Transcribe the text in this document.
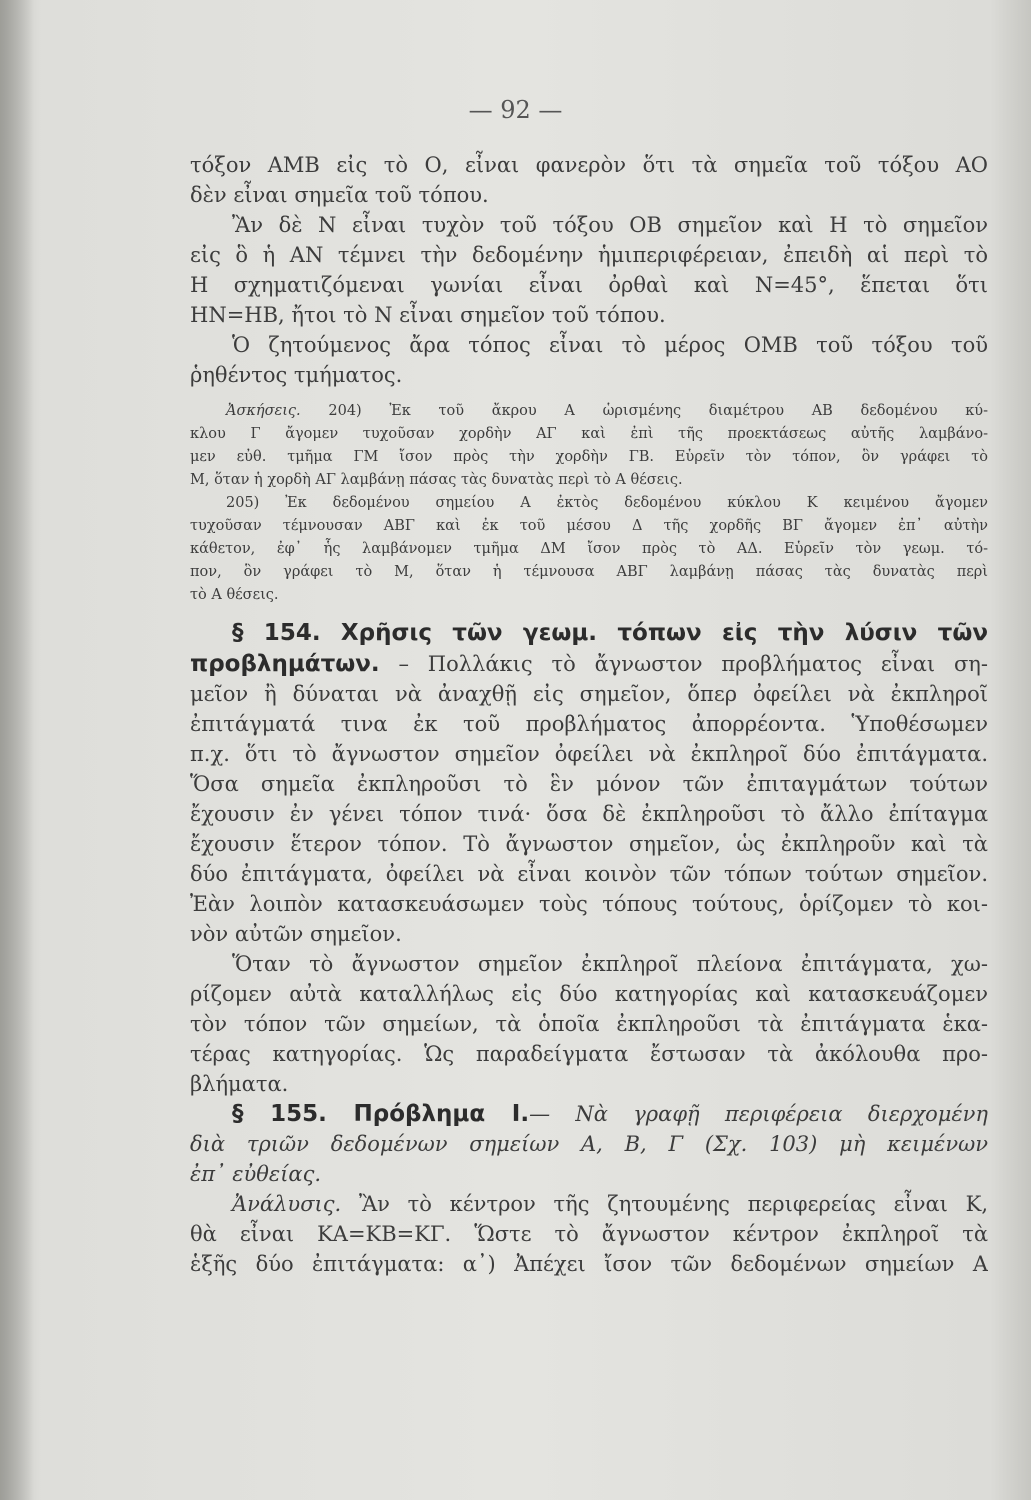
— 92 —
τόξον ΑΜΒ εἰς τὸ Ο, εἶναι φανερὸν ὅτι τὰ σημεῖα τοῦ τόξου ΑΟ
δὲν εἶναι σημεῖα τοῦ τόπου.
Ἂν δὲ Ν εἶναι τυχὸν τοῦ τόξου ΟΒ σημεῖον καὶ Η τὸ σημεῖον
εἰς ὃ ἡ ΑΝ τέμνει τὴν δεδομένην ἡμιπεριφέρειαν, ἐπειδὴ αἱ περὶ τὸ
Η σχηματιζόμεναι γωνίαι εἶναι ὀρθαὶ καὶ Ν=45°, ἕπεται ὅτι
ΗΝ=ΗΒ, ἤτοι τὸ Ν εἶναι σημεῖον τοῦ τόπου.
Ὁ ζητούμενος ἄρα τόπος εἶναι τὸ μέρος ΟΜΒ τοῦ τόξου τοῦ
ῥηθέντος τμήματος.
Ἀσκήσεις. 204) Ἐκ τοῦ ἄκρου Α ὡρισμένης διαμέτρου ΑΒ δεδομένου κύ-
κλου Γ ἄγομεν τυχοῦσαν χορδὴν ΑΓ καὶ ἐπὶ τῆς προεκτάσεως αὐτῆς λαμβάνο-
μεν εὐθ. τμῆμα ΓΜ ἴσον πρὸς τὴν χορδὴν ΓΒ. Εὑρεῖν τὸν τόπον, ὃν γράφει τὸ
Μ, ὅταν ἡ χορδὴ ΑΓ λαμβάνῃ πάσας τὰς δυνατὰς περὶ τὸ Α θέσεις.
205) Ἐκ δεδομένου σημείου Α ἐκτὸς δεδομένου κύκλου Κ κειμένου ἄγομεν
τυχοῦσαν τέμνουσαν ΑΒΓ καὶ ἐκ τοῦ μέσου Δ τῆς χορδῆς ΒΓ ἄγομεν ἐπ᾽ αὐτὴν
κάθετον, ἐφ᾽ ἧς λαμβάνομεν τμῆμα ΔΜ ἴσον πρὸς τὸ ΑΔ. Εὑρεῖν τὸν γεωμ. τό-
πον, ὃν γράφει τὸ Μ, ὅταν ἡ τέμνουσα ΑΒΓ λαμβάνῃ πάσας τὰς δυνατὰς περὶ
τὸ Α θέσεις.
§ 154. Χρῆσις τῶν γεωμ. τόπων εἰς τὴν λύσιν τῶν
προβλημάτων. – Πολλάκις τὸ ἄγνωστον προβλήματος εἶναι ση-
μεῖον ἢ δύναται νὰ ἀναχθῇ εἰς σημεῖον, ὅπερ ὀφείλει νὰ ἐκπληροῖ
ἐπιτάγματά τινα ἐκ τοῦ προβλήματος ἀπορρέοντα. Ὑποθέσωμεν
π.χ. ὅτι τὸ ἄγνωστον σημεῖον ὀφείλει νὰ ἐκπληροῖ δύο ἐπιτάγματα.
Ὅσα σημεῖα ἐκπληροῦσι τὸ ἓν μόνον τῶν ἐπιταγμάτων τούτων
ἔχουσιν ἐν γένει τόπον τινά· ὅσα δὲ ἐκπληροῦσι τὸ ἄλλο ἐπίταγμα
ἔχουσιν ἕτερον τόπον. Τὸ ἄγνωστον σημεῖον, ὡς ἐκπληροῦν καὶ τὰ
δύο ἐπιτάγματα, ὀφείλει νὰ εἶναι κοινὸν τῶν τόπων τούτων σημεῖον.
Ἐὰν λοιπὸν κατασκευάσωμεν τοὺς τόπους τούτους, ὁρίζομεν τὸ κοι-
νὸν αὐτῶν σημεῖον.
Ὅταν τὸ ἄγνωστον σημεῖον ἐκπληροῖ πλείονα ἐπιτάγματα, χω-
ρίζομεν αὐτὰ καταλλήλως εἰς δύο κατηγορίας καὶ κατασκευάζομεν
τὸν τόπον τῶν σημείων, τὰ ὁποῖα ἐκπληροῦσι τὰ ἐπιτάγματα ἑκα-
τέρας κατηγορίας. Ὡς παραδείγματα ἔστωσαν τὰ ἀκόλουθα προ-
βλήματα.
§ 155. Πρόβλημα Ι.— Νὰ γραφῇ περιφέρεια διερχομένη
διὰ τριῶν δεδομένων σημείων Α, Β, Γ (Σχ. 103) μὴ κειμένων
ἐπ᾽ εὐθείας.
Ἀνάλυσις. Ἂν τὸ κέντρον τῆς ζητουμένης περιφερείας εἶναι Κ,
θὰ εἶναι ΚΑ=ΚΒ=ΚΓ. Ὥστε τὸ ἄγνωστον κέντρον ἐκπληροῖ τὰ
ἑξῆς δύο ἐπιτάγματα: α᾽) Ἀπέχει ἴσον τῶν δεδομένων σημείων Α
